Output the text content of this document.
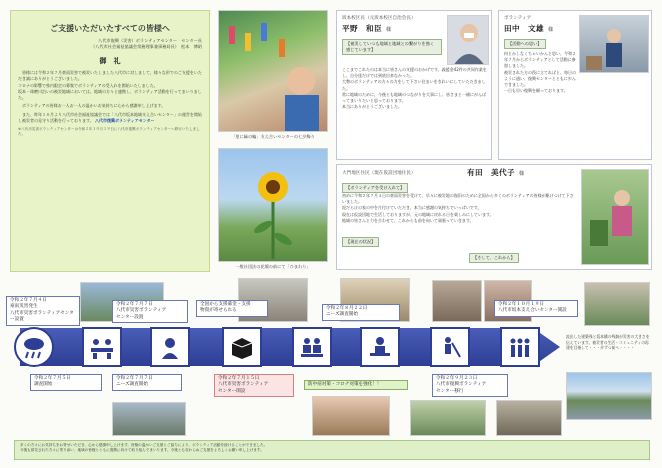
ご支援いただいたすべての皆様へ
八代市復興（災害）ボランティアセンター　センター長
（八代市社会福祉協議会常務理事兼事務局長）　松本　博昭
御　礼
皆様には令和２年７月豪雨災害で被災いたしました八代市に対しまして、様々な形でのご支援をいただき誠にありがとうございました。
コロナの影響で県内限定の募集でボランティアの受入れを開始いたしました。
坂本・球磨川沿いの被災地域においては、地域の方々と連携し、ボランティア活動を行ってまいりました。
ボランティアの皆様お一人お一人の温かいお気持ちに心から感謝申し上げます。
また、昨年１０月より八代市社会福祉協議会では「八代市坂本地域支え合いセンター」の運営を開始し被災者の見守り活動を行っております。 八代市復興ボランティアセンター
※八代市災害ボランティアセンターは令和２年１０月１９日に八代市復興ボランティアセンターへ移行いたしました。	「里に緑の輪」支え合いセンターの七夕飾り
一般社団法の花壇の前にて「ひまわり」
坂本校区長（元坂本校区自治会長）
平野　和臣 様
【被災していつも地域と地域との繋がりを強く感じています】
ここまでこれたのは本当に皆さんの支援のおかげです。義援金42件の共同作業をし、自分達だけでは到底出来なかった。
大勢のボランティアの方々の力をして下さい住まいをきれいにしていただきました。
常に地域のために、今後とも地域のつながりを大事にし、皆さまと一緒にがんばってまいりたいと思っております。
本当にありがとうございました。
ボランティア
田中　文雄 様
【活動への思い】
何とかしなくちゃいかんと思い、令和２年７月からボランティアとして活動に参加しました。
被災された方の役に立てればと、毎日のように通い、復興センターとともに歩んできました。
一日も早い復興を願っております。
大門地区住民（現在仮設団地住民）	有田　美代子 様
【ボランティアを受け入れて】
【現在の状況】
【そして、これから】
初めに令和２年７月４日の豪雨災害を受けて、早々に被災地の復旧のために全国から多くのボランティアの皆様が駆けつけて下さいました。
泥だらけの家の中を片付けていただき、本当に感謝の気持ちでいっぱいです。
現在は仮設団地で生活しておりますが、元の地域に戻れる日を楽しみにしています。
地域の皆さんと力を合わせて、これからも前を向いて頑張っていきます。
令和２年７月４日
豪雨災害発生
八代市災害ボランティアセンター設置
令和２年７月５日
調査開始
令和２年７月７日
八代市災害ボランティア
センター設置
令和２年７月７日
ニーズ調査開始
全国から支援募金・支援
物資が寄せられる
令和２年７月１５日
八代市災害ボランティア
センター開設
令和２年８月２２日
ニーズ調査開始
防中症対策・コロナ対策を強化！！
令和２年９月２３日
八代市復興ボランティア
センター移行
令和２年１０月１９日
八代市坂本支え合いセンター開設
流出した建築残と坂本橋の残骸が災害の大きさを伝えています。被災者の生活・コミュニティの再建を目指して・・・歩ずつ前へ・・・・
多くの方々にお気持ちをお寄せいただき、心から感謝申し上げます。皆様の温かいご支援とご協力により、ボランティア活動を続けることができました。
今後も被災された方々に寄り添い、地域の皆様とともに復興に向けて取り組んでまいります。今後とも変わらぬご支援をよろしくお願い申し上げます。
